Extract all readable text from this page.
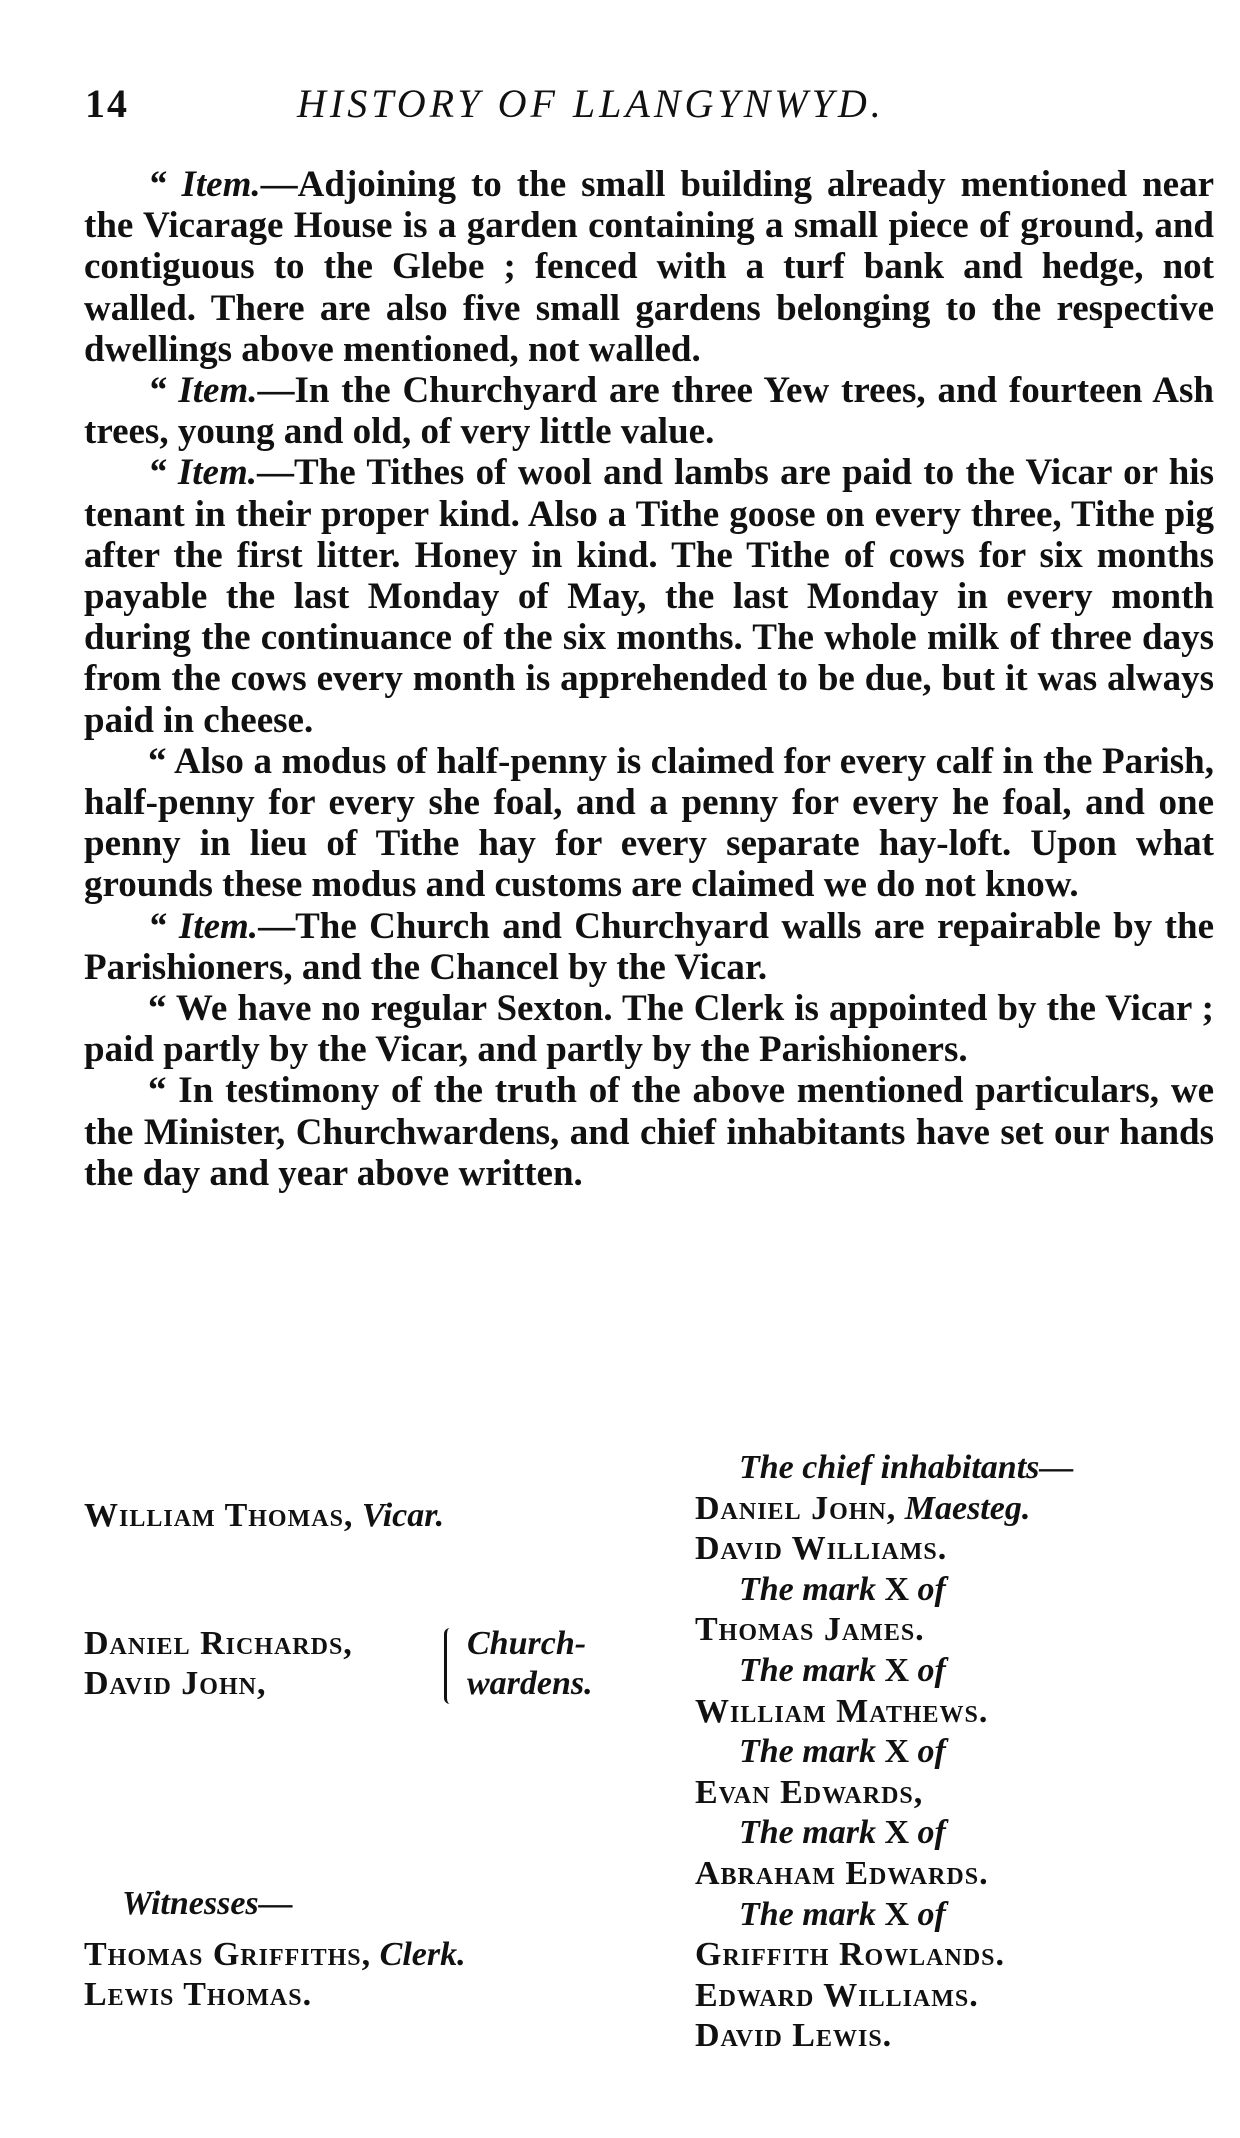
14	HISTORY OF LLANGYNWYD.

“ Item.—Adjoining to the small building already mentioned near the Vicarage House is a garden containing a small piece of ground, and contiguous to the Glebe ; fenced with a turf bank and hedge, not walled. There are also five small gardens belonging to the respective dwellings above mentioned, not walled.

“ Item.—In the Churchyard are three Yew trees, and fourteen Ash trees, young and old, of very little value.

“ Item.—The Tithes of wool and lambs are paid to the Vicar or his tenant in their proper kind. Also a Tithe goose on every three, Tithe pig after the first litter. Honey in kind. The Tithe of cows for six months payable the last Monday of May, the last Monday in every month during the continuance of the six months. The whole milk of three days from the cows every month is apprehended to be due, but it was always paid in cheese.

“ Also a modus of half-penny is claimed for every calf in the Parish, half-penny for every she foal, and a penny for every he foal, and one penny in lieu of Tithe hay for every separate hay-loft. Upon what grounds these modus and customs are claimed we do not know.

“ Item.—The Church and Churchyard walls are repairable by the Parishioners, and the Chancel by the Vicar.

“ We have no regular Sexton. The Clerk is appointed by the Vicar ; paid partly by the Vicar, and partly by the Parishioners.

“ In testimony of the truth of the above mentioned particulars, we the Minister, Churchwardens, and chief inhabitants have set our hands the day and year above written.

William Thomas, Vicar.
Daniel Richards,
David John,
Church-
wardens.
Witnesses—
Thomas Griffiths, Clerk.
Lewis Thomas.
The chief inhabitants—
Daniel John, Maesteg.
David Williams.
The mark X of
Thomas James.
The mark X of
William Mathews.
The mark X of
Evan Edwards,
The mark X of
Abraham Edwards.
The mark X of
Griffith Rowlands.
Edward Williams.
David Lewis.
